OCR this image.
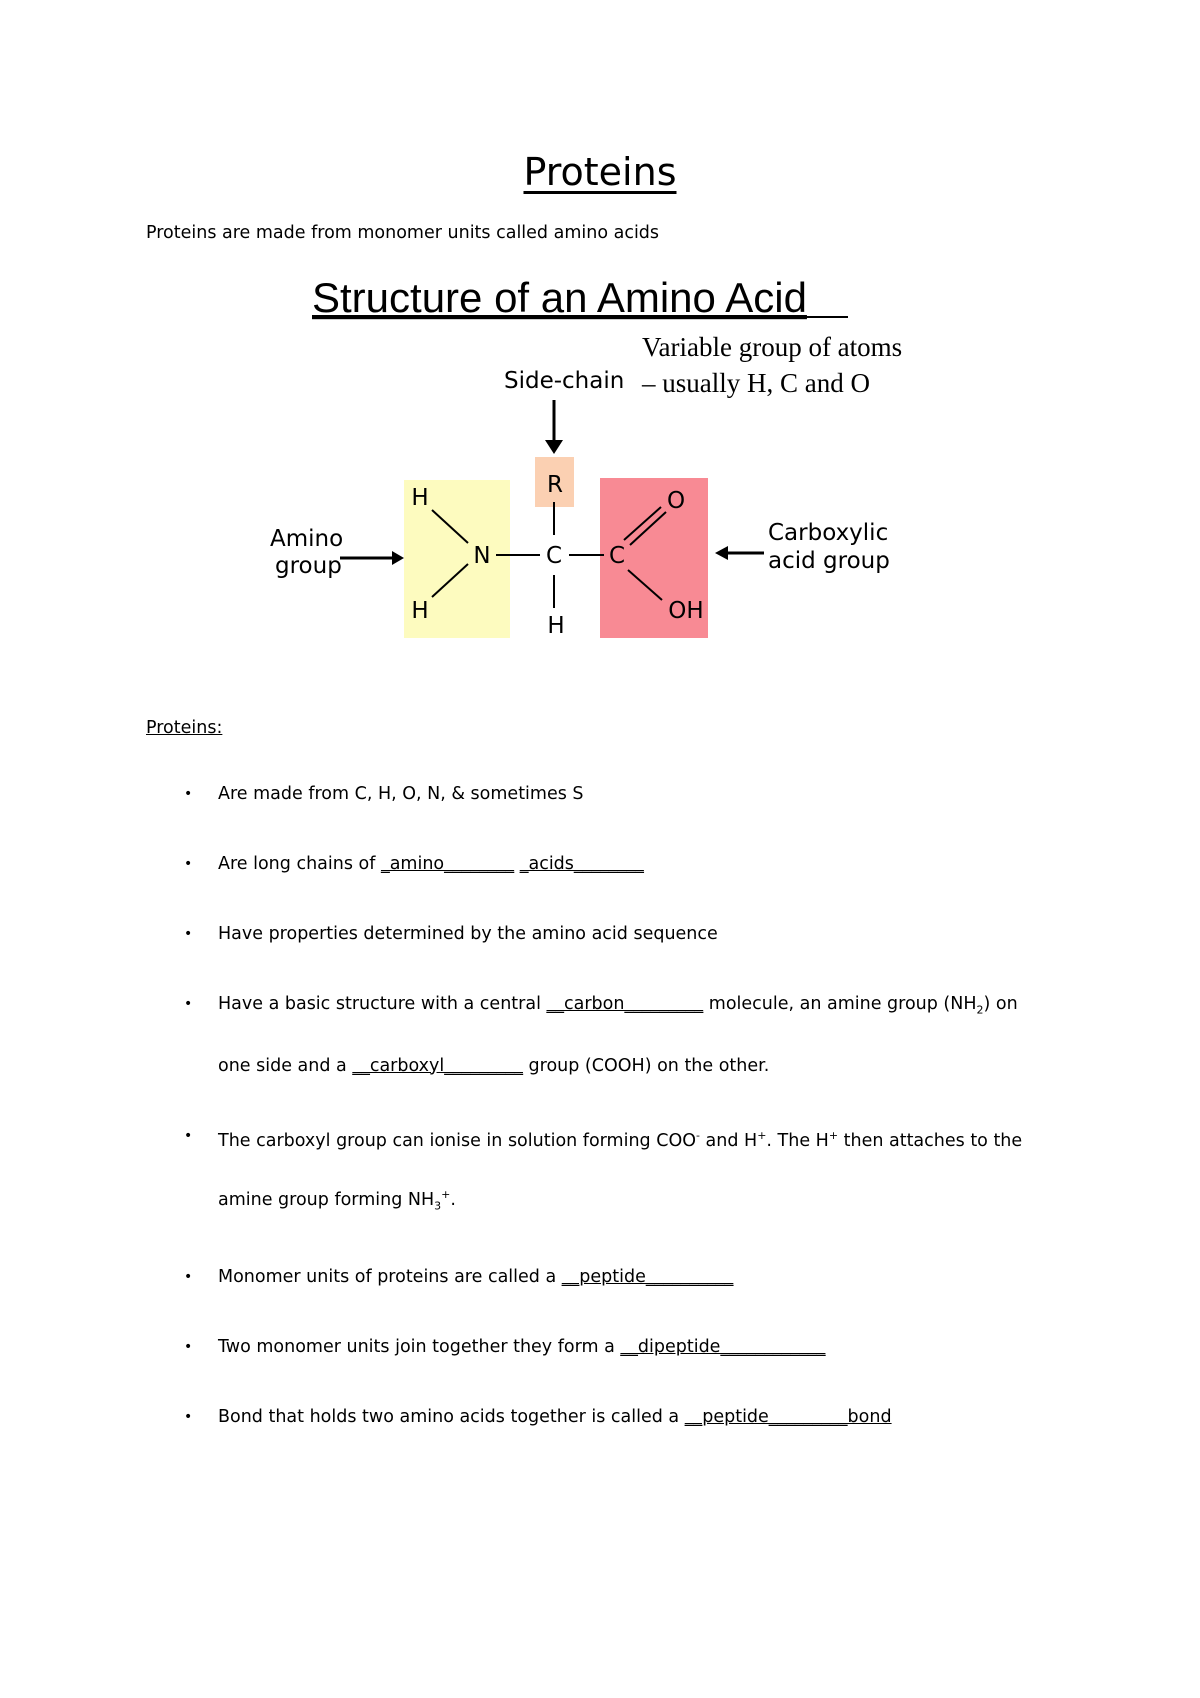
Proteins
Proteins are made from monomer units called amino acids
Structure of an Amino Acid
Variable group of atoms
– usually H, C and O
Side-chain
R
H
H
N C
H
C
O
OH
Amino
group
Carboxylic
acid group
Proteins:
• Are made from C, H, O, N, & sometimes S
• Are long chains of _amino________ _acids________
• Have properties determined by the amino acid sequence
• Have a basic structure with a central __carbon_________ molecule, an amine group $(NH_2)$ on
one side and a __carboxyl_________ group (COOH) on the other.
• The carboxyl group can ionise in solution forming COO- and H+. The H+ then attaches to the
amine group forming $NH_3^+$.
• Monomer units of proteins are called a __peptide__________
• Two monomer units join together they form a __dipeptide____________
• Bond that holds two amino acids together is called a __peptide_________bond
